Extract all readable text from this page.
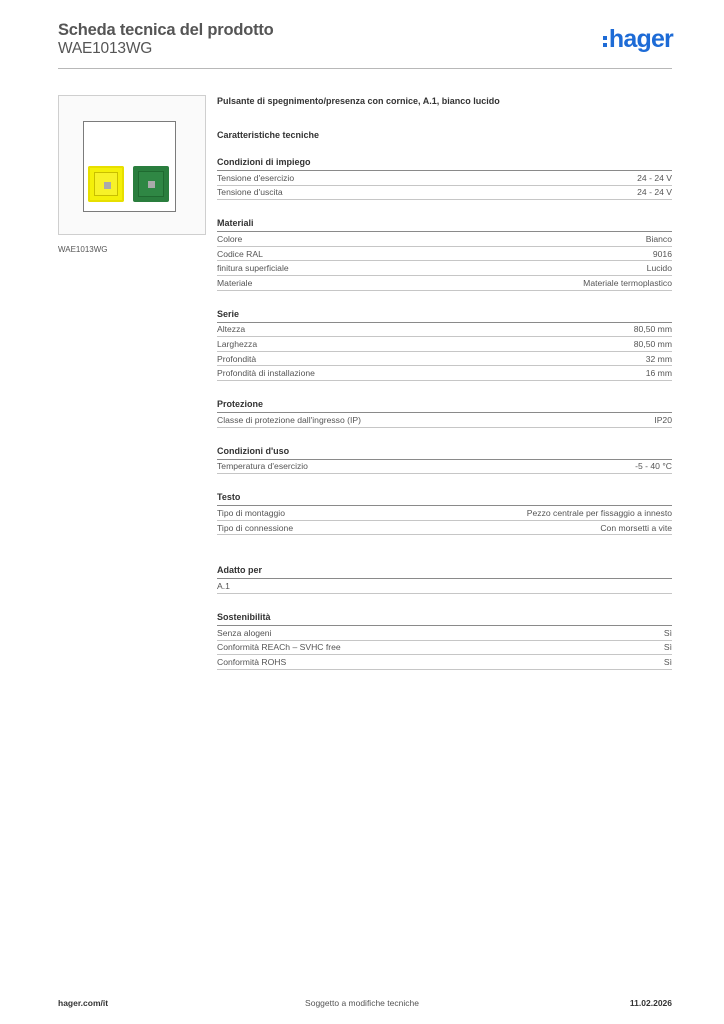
Scheda tecnica del prodotto
WAE1013WG	hager
WAE1013WG
Pulsante di spegnimento/presenza con cornice, A.1, bianco lucido
Caratteristiche tecniche
Condizioni di impiego
Tensione d'esercizio	24 - 24 V
Tensione d'uscita	24 - 24 V
Materiali
Colore	Bianco
Codice RAL	9016
finitura superficiale	Lucido
Materiale	Materiale termoplastico
Serie
Altezza	80,50 mm
Larghezza	80,50 mm
Profondità	32 mm
Profondità di installazione	16 mm
Protezione
Classe di protezione dall'ingresso (IP)	IP20
Condizioni d'uso
Temperatura d'esercizio	-5 - 40 °C
Testo
Tipo di montaggio	Pezzo centrale per fissaggio a innesto
Tipo di connessione	Con morsetti a vite
Adatto per
A.1
Sostenibilità
Senza alogeni	Sì
Conformità REACh – SVHC free	Sì
Conformità ROHS	Sì
hager.com/it	Soggetto a modifiche tecniche	11.02.2026
